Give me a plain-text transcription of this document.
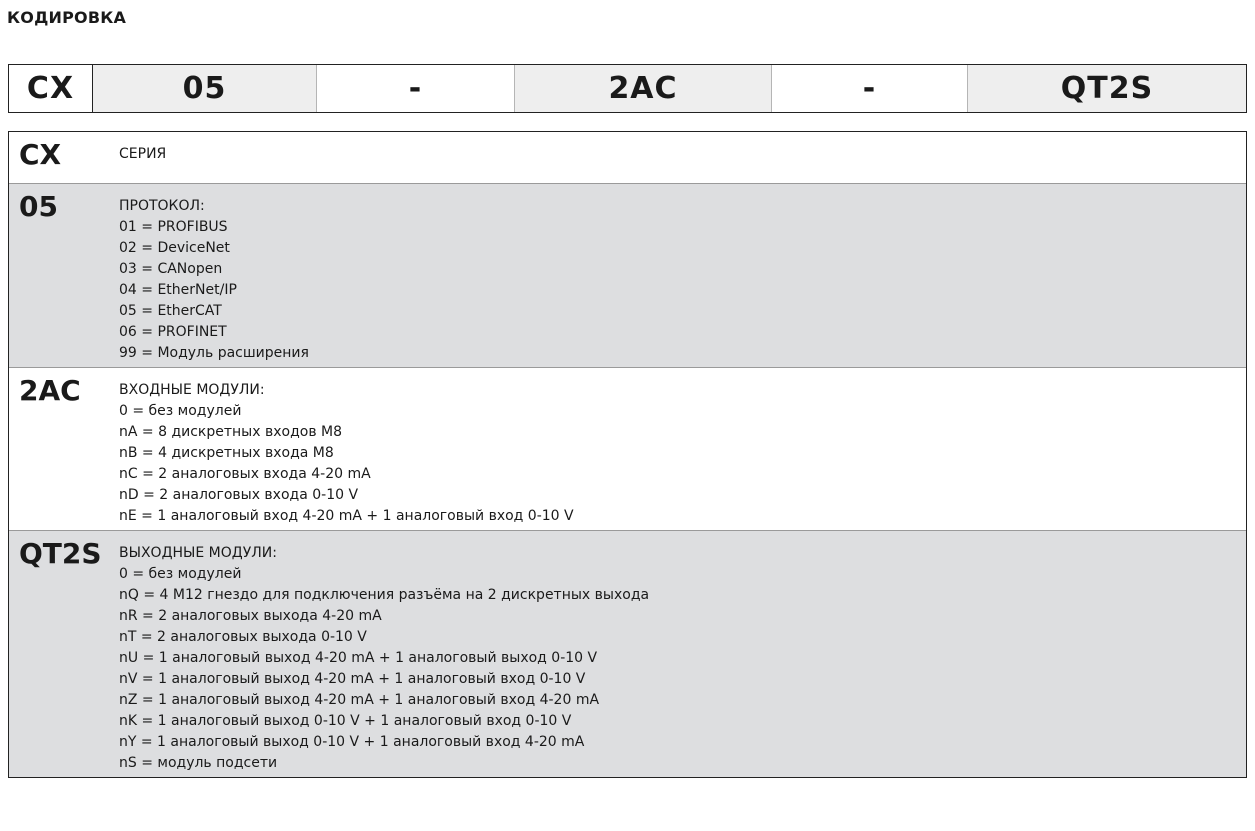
КОДИРОВКА
CX	05	-	2AC	-	QT2S
CX	СЕРИЯ
05	ПРОТОКОЛ:
01 = PROFIBUS
02 = DeviceNet
03 = CANopen
04 = EtherNet/IP
05 = EtherCAT
06 = PROFINET
99 = Модуль расширения
2AC	ВХОДНЫЕ МОДУЛИ:
0 = без модулей
nA = 8 дискретных входов M8
nB = 4 дискретных входа M8
nC = 2 аналоговых входа 4-20 mA
nD = 2 аналоговых входа 0-10 V
nE = 1 аналоговый вход 4-20 mA + 1 аналоговый вход 0-10 V
QT2S	ВЫХОДНЫЕ МОДУЛИ:
0 = без модулей
nQ = 4 M12 гнездо для подключения разъёма на 2 дискретных выхода
nR = 2 аналоговых выхода 4-20 mA
nT = 2 аналоговых выхода 0-10 V
nU = 1 аналоговый выход 4-20 mA + 1 аналоговый выход 0-10 V
nV = 1 аналоговый выход 4-20 mA + 1 аналоговый вход 0-10 V
nZ = 1 аналоговый выход 4-20 mA + 1 аналоговый вход 4-20 mA
nK = 1 аналоговый выход 0-10 V + 1 аналоговый вход 0-10 V
nY = 1 аналоговый выход 0-10 V + 1 аналоговый вход 4-20 mA
nS = модуль подсети
